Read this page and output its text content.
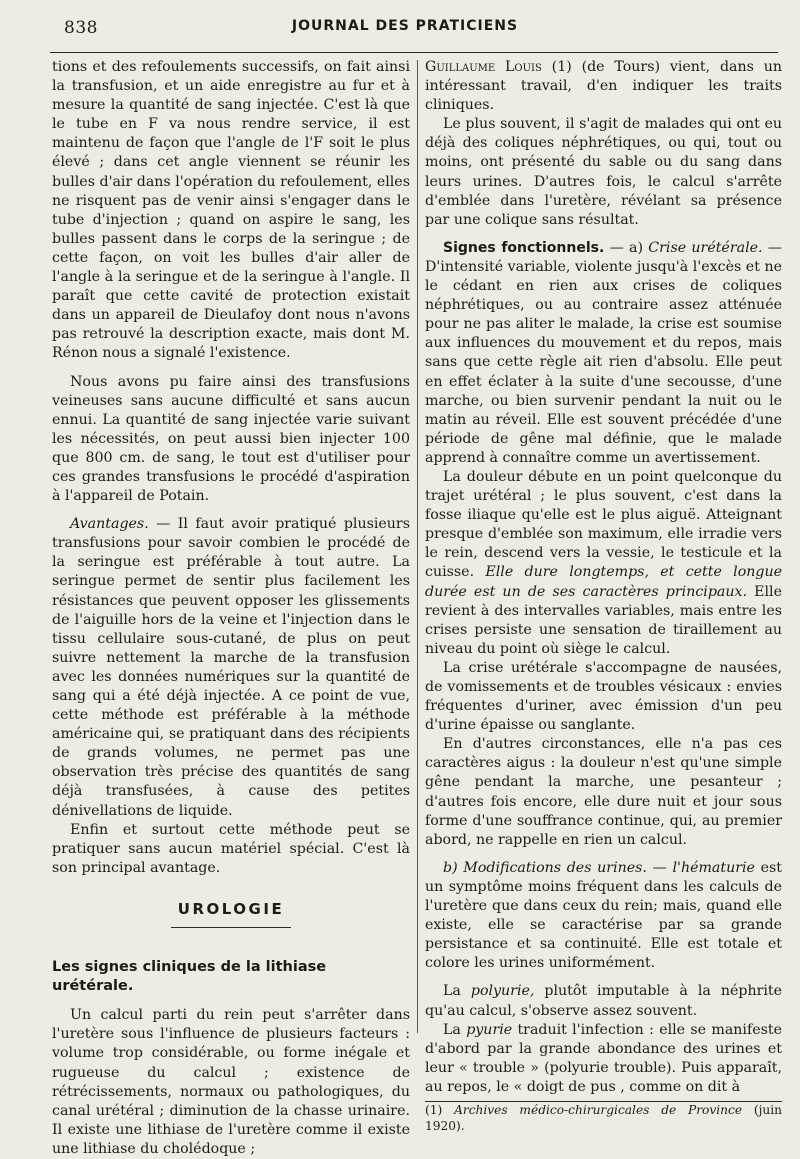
838	JOURNAL DES PRATICIENS

tions et des refoulements successifs, on fait ainsi la transfusion, et un aide enregistre au fur et à mesure la quantité de sang injectée. C'est là que le tube en F va nous rendre service, il est maintenu de façon que l'angle de l'F soit le plus élevé ; dans cet angle viennent se réunir les bulles d'air dans l'opération du refoulement, elles ne risquent pas de venir ainsi s'engager dans le tube d'injection ; quand on aspire le sang, les bulles passent dans le corps de la seringue ; de cette façon, on voit les bulles d'air aller de l'angle à la seringue et de la seringue à l'angle. Il paraît que cette cavité de protection existait dans un appareil de Dieulafoy dont nous n'avons pas retrouvé la description exacte, mais dont M. Rénon nous a signalé l'existence.

Nous avons pu faire ainsi des transfusions veineuses sans aucune difficulté et sans aucun ennui. La quantité de sang injectée varie suivant les nécessités, on peut aussi bien injecter 100 que 800 cm. de sang, le tout est d'utiliser pour ces grandes transfusions le procédé d'aspiration à l'appareil de Potain.

Avantages. — Il faut avoir pratiqué plusieurs transfusions pour savoir combien le procédé de la seringue est préférable à tout autre. La seringue permet de sentir plus facilement les résistances que peuvent opposer les glissements de l'aiguille hors de la veine et l'injection dans le tissu cellulaire sous-cutané, de plus on peut suivre nettement la marche de la transfusion avec les données numériques sur la quantité de sang qui a été déjà injectée. A ce point de vue, cette méthode est préférable à la méthode américaine qui, se pratiquant dans des récipients de grands volumes, ne permet pas une observation très précise des quantités de sang déjà transfusées, à cause des petites dénivellations de liquide.

Enfin et surtout cette méthode peut se pratiquer sans aucun matériel spécial. C'est là son principal avantage.

UROLOGIE
Les signes cliniques de la lithiase urétérale.

Un calcul parti du rein peut s'arrêter dans l'uretère sous l'influence de plusieurs facteurs : volume trop considérable, ou forme inégale et rugueuse du calcul ; existence de rétrécissements, normaux ou pathologiques, du canal urétéral ; diminution de la chasse urinaire. Il existe une lithiase de l'uretère comme il existe une lithiase du cholédoque ;

Guillaume Louis (1) (de Tours) vient, dans un intéressant travail, d'en indiquer les traits cliniques.

Le plus souvent, il s'agit de malades qui ont eu déjà des coliques néphrétiques, ou qui, tout ou moins, ont présenté du sable ou du sang dans leurs urines. D'autres fois, le calcul s'arrête d'emblée dans l'uretère, révélant sa présence par une colique sans résultat.

Signes fonctionnels. — a) Crise urétérale. — D'intensité variable, violente jusqu'à l'excès et ne le cédant en rien aux crises de coliques néphrétiques, ou au contraire assez atténuée pour ne pas aliter le malade, la crise est soumise aux influences du mouvement et du repos, mais sans que cette règle ait rien d'absolu. Elle peut en effet éclater à la suite d'une secousse, d'une marche, ou bien survenir pendant la nuit ou le matin au réveil. Elle est souvent précédée d'une période de gêne mal définie, que le malade apprend à connaître comme un avertissement.

La douleur débute en un point quelconque du trajet urétéral ; le plus souvent, c'est dans la fosse iliaque qu'elle est le plus aiguë. Atteignant presque d'emblée son maximum, elle irradie vers le rein, descend vers la vessie, le testicule et la cuisse. Elle dure longtemps, et cette longue durée est un de ses caractères principaux. Elle revient à des intervalles variables, mais entre les crises persiste une sensation de tiraillement au niveau du point où siège le calcul.

La crise urétérale s'accompagne de nausées, de vomissements et de troubles vésicaux : envies fréquentes d'uriner, avec émission d'un peu d'urine épaisse ou sanglante.

En d'autres circonstances, elle n'a pas ces caractères aigus : la douleur n'est qu'une simple gêne pendant la marche, une pesanteur ; d'autres fois encore, elle dure nuit et jour sous forme d'une souffrance continue, qui, au premier abord, ne rappelle en rien un calcul.

b) Modifications des urines. — l'hématurie est un symptôme moins fréquent dans les calculs de l'uretère que dans ceux du rein; mais, quand elle existe, elle se caractérise par sa grande persistance et sa continuité. Elle est totale et colore les urines uniformément.

La polyurie, plutôt imputable à la néphrite qu'au calcul, s'observe assez souvent.

La pyurie traduit l'infection : elle se manifeste d'abord par la grande abondance des urines et leur « trouble » (polyurie trouble). Puis apparaît, au repos, le « doigt de pus , comme on dit à

(1) Archives médico-chirurgicales de Province (juin 1920).
